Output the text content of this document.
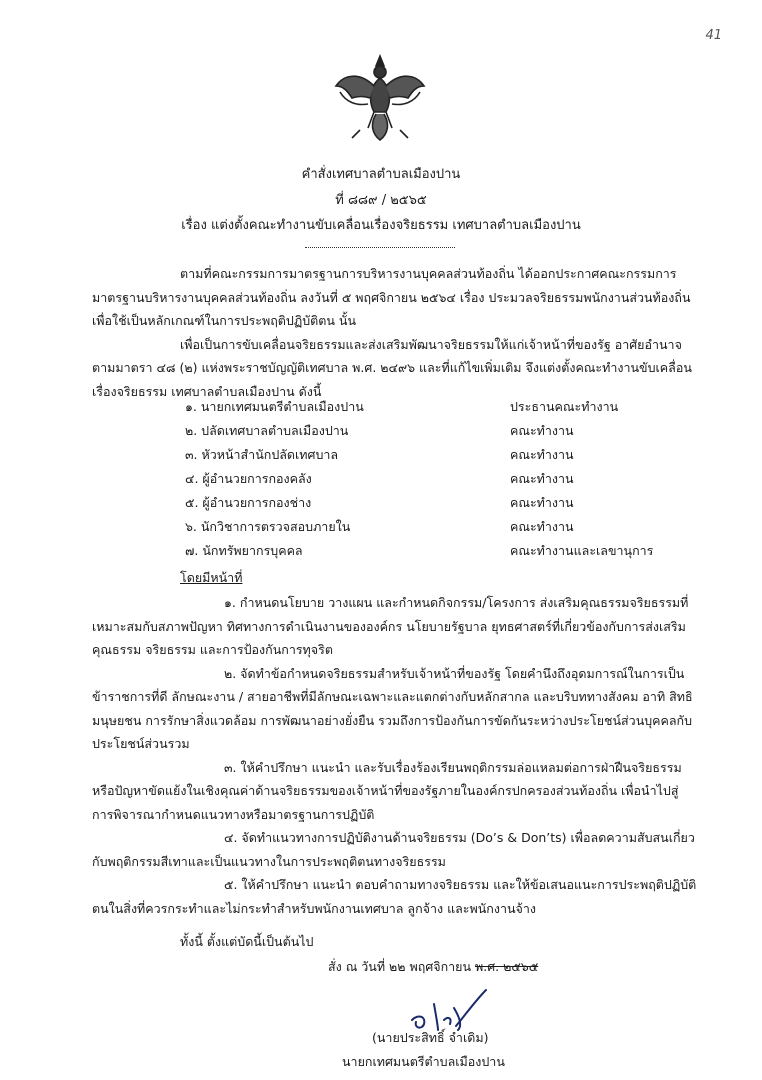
41
คำสั่งเทศบาลตำบลเมืองปาน
ที่ ๘๘๙ / ๒๕๖๕
เรื่อง แต่งตั้งคณะทำงานขับเคลื่อนเรื่องจริยธรรม เทศบาลตำบลเมืองปาน

ตามที่คณะกรรมการมาตรฐานการบริหารงานบุคคลส่วนท้องถิ่น ได้ออกประกาศคณะกรรมการมาตรฐานบริหารงานบุคคลส่วนท้องถิ่น ลงวันที่ ๕ พฤศจิกายน ๒๕๖๔ เรื่อง ประมวลจริยธรรมพนักงานส่วนท้องถิ่น เพื่อใช้เป็นหลักเกณฑ์ในการประพฤติปฏิบัติตน นั้น

เพื่อเป็นการขับเคลื่อนจริยธรรมและส่งเสริมพัฒนาจริยธรรมให้แก่เจ้าหน้าที่ของรัฐ อาศัยอำนาจตามมาตรา ๔๘ (๒) แห่งพระราชบัญญัติเทศบาล พ.ศ. ๒๔๙๖ และที่แก้ไขเพิ่มเติม จึงแต่งตั้งคณะทำงานขับเคลื่อนเรื่องจริยธรรม เทศบาลตำบลเมืองปาน ดังนี้

๑. นายกเทศมนตรีตำบลเมืองปาน	ประธานคณะทำงาน
๒. ปลัดเทศบาลตำบลเมืองปาน	คณะทำงาน
๓. หัวหน้าสำนักปลัดเทศบาล	คณะทำงาน
๔. ผู้อำนวยการกองคลัง	คณะทำงาน
๕. ผู้อำนวยการกองช่าง	คณะทำงาน
๖. นักวิชาการตรวจสอบภายใน	คณะทำงาน
๗. นักทรัพยากรบุคคล	คณะทำงานและเลขานุการ
โดยมีหน้าที่

๑. กำหนดนโยบาย วางแผน และกำหนดกิจกรรม/โครงการ ส่งเสริมคุณธรรมจริยธรรมที่เหมาะสมกับสภาพปัญหา ทิศทางการดำเนินงานขององค์กร นโยบายรัฐบาล ยุทธศาสตร์ที่เกี่ยวข้องกับการส่งเสริมคุณธรรม จริยธรรม และการป้องกันการทุจริต

๒. จัดทำข้อกำหนดจริยธรรมสำหรับเจ้าหน้าที่ของรัฐ โดยคำนึงถึงอุดมการณ์ในการเป็นข้าราชการที่ดี ลักษณะงาน / สายอาชีพที่มีลักษณะเฉพาะและแตกต่างกับหลักสากล และบริบททางสังคม อาทิ สิทธิมนุษยชน การรักษาสิ่งแวดล้อม การพัฒนาอย่างยั่งยืน รวมถึงการป้องกันการขัดกันระหว่างประโยชน์ส่วนบุคคลกับประโยชน์ส่วนรวม

๓. ให้คำปรึกษา แนะนำ และรับเรื่องร้องเรียนพฤติกรรมล่อแหลมต่อการฝ่าฝืนจริยธรรมหรือปัญหาขัดแย้งในเชิงคุณค่าด้านจริยธรรมของเจ้าหน้าที่ของรัฐภายในองค์กรปกครองส่วนท้องถิ่น เพื่อนำไปสู่การพิจารณากำหนดแนวทางหรือมาตรฐานการปฏิบัติ

๔. จัดทำแนวทางการปฏิบัติงานด้านจริยธรรม (Do’s & Don’ts) เพื่อลดความสับสนเกี่ยวกับพฤติกรรมสีเทาและเป็นแนวทางในการประพฤติตนทางจริยธรรม

๕. ให้คำปรึกษา แนะนำ ตอบคำถามทางจริยธรรม และให้ข้อเสนอแนะการประพฤติปฏิบัติตนในสิ่งที่ควรกระทำและไม่กระทำสำหรับพนักงานเทศบาล ลูกจ้าง และพนักงานจ้าง

ทั้งนี้ ตั้งแต่บัดนี้เป็นต้นไป
สั่ง ณ วันที่ ๒๒ พฤศจิกายน พ.ศ. ๒๕๖๕
(นายประสิทธิ์ จำเดิม)
นายกเทศมนตรีตำบลเมืองปาน
